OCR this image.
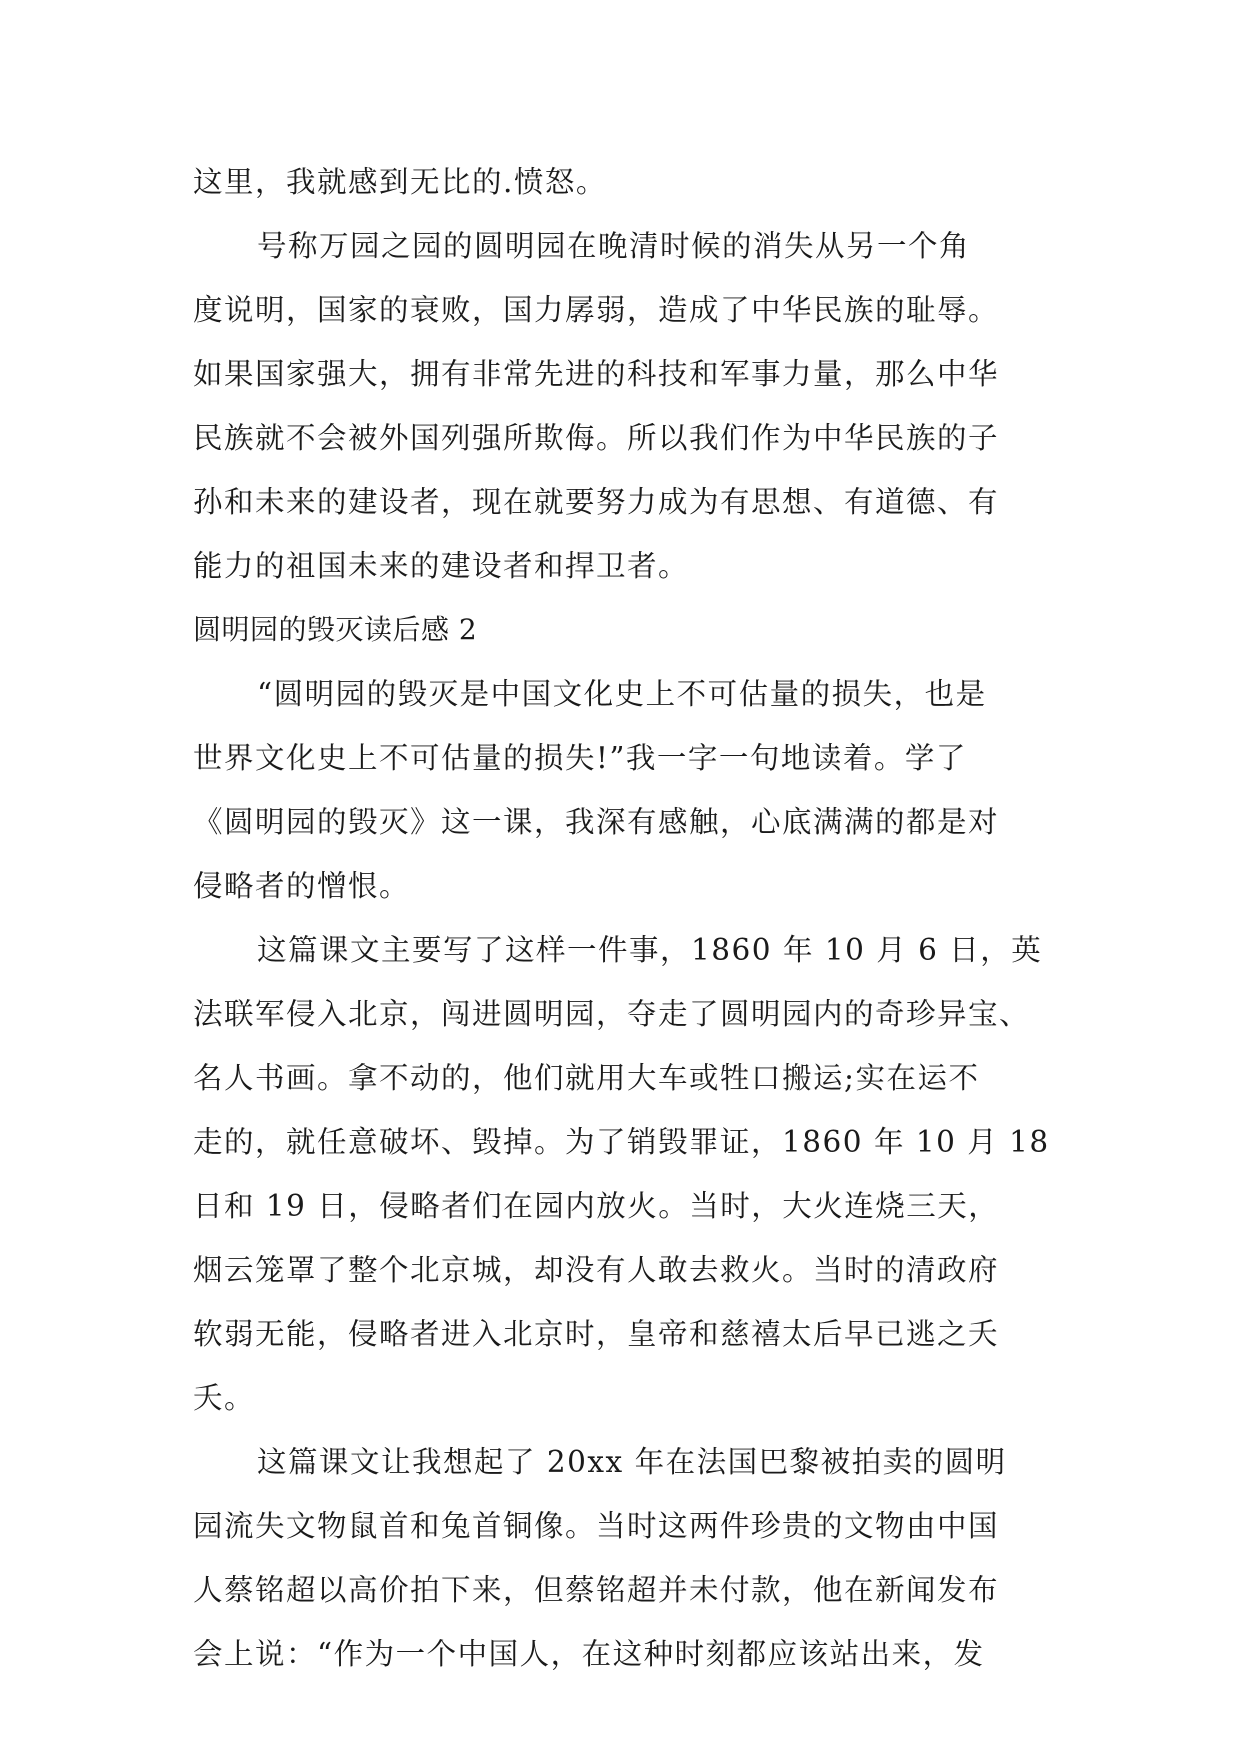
这里，我就感到无比的.愤怒。
号称万园之园的圆明园在晚清时候的消失从另一个角
度说明，国家的衰败，国力孱弱，造成了中华民族的耻辱。
如果国家强大，拥有非常先进的科技和军事力量，那么中华
民族就不会被外国列强所欺侮。所以我们作为中华民族的子
孙和未来的建设者，现在就要努力成为有思想、有道德、有
能力的祖国未来的建设者和捍卫者。
圆明园的毁灭读后感 2
“圆明园的毁灭是中国文化史上不可估量的损失，也是
世界文化史上不可估量的损失!”我一字一句地读着。学了
《圆明园的毁灭》这一课，我深有感触，心底满满的都是对
侵略者的憎恨。
这篇课文主要写了这样一件事，1860 年 10 月 6 日，英
法联军侵入北京，闯进圆明园，夺走了圆明园内的奇珍异宝、
名人书画。拿不动的，他们就用大车或牲口搬运;实在运不
走的，就任意破坏、毁掉。为了销毁罪证，1860 年 10 月 18
日和 19 日，侵略者们在园内放火。当时，大火连烧三天，
烟云笼罩了整个北京城，却没有人敢去救火。当时的清政府
软弱无能，侵略者进入北京时，皇帝和慈禧太后早已逃之夭
夭。
这篇课文让我想起了 20xx 年在法国巴黎被拍卖的圆明
园流失文物鼠首和兔首铜像。当时这两件珍贵的文物由中国
人蔡铭超以高价拍下来，但蔡铭超并未付款，他在新闻发布
会上说：“作为一个中国人，在这种时刻都应该站出来，发
